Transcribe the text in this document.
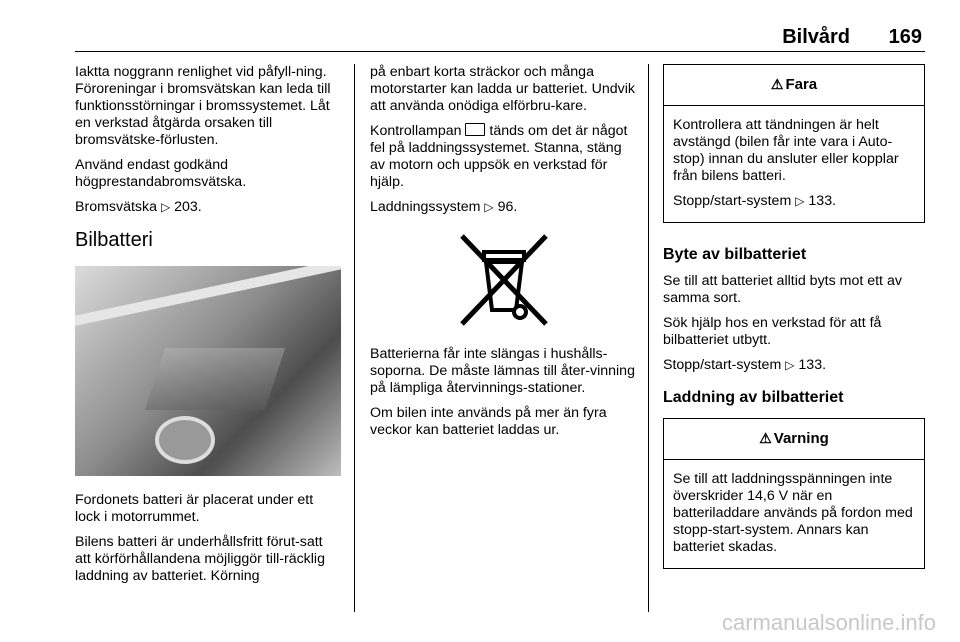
Bilvård 169

Iaktta noggrann renlighet vid påfyll-ning. Föroreningar i bromsvätskan kan leda till funktionsstörningar i bromssystemet. Låt en verkstad åtgärda orsaken till bromsvätske-förlusten.

Använd endast godkänd högprestandabromsvätska.

Bromsvätska ▷ 203.

Bilbatteri

Fordonets batteri är placerat under ett lock i motorrummet.

Bilens batteri är underhållsfritt förut-satt att körförhållandena möjliggör till-räcklig laddning av batteriet. Körning

på enbart korta sträckor och många motorstarter kan ladda ur batteriet. Undvik att använda onödiga elförbru-kare.

Kontrollampan tänds om det är något fel på laddningssystemet. Stanna, stäng av motorn och uppsök en verkstad för hjälp.

Laddningssystem ▷ 96.

Batterierna får inte slängas i hushålls-soporna. De måste lämnas till åter-vinning på lämpliga återvinnings-stationer.

Om bilen inte används på mer än fyra veckor kan batteriet laddas ur.

⚠ Fara

Kontrollera att tändningen är helt avstängd (bilen får inte vara i Auto-stop) innan du ansluter eller kopplar från bilens batteri.

Stopp/start-system ▷ 133.

Byte av bilbatteriet

Se till att batteriet alltid byts mot ett av samma sort.

Sök hjälp hos en verkstad för att få bilbatteriet utbytt.

Stopp/start-system ▷ 133.

Laddning av bilbatteriet
⚠ Varning

Se till att laddningsspänningen inte överskrider 14,6 V när en batteriladdare används på fordon med stopp-start-system. Annars kan batteriet skadas.

carmanualsonline.info
